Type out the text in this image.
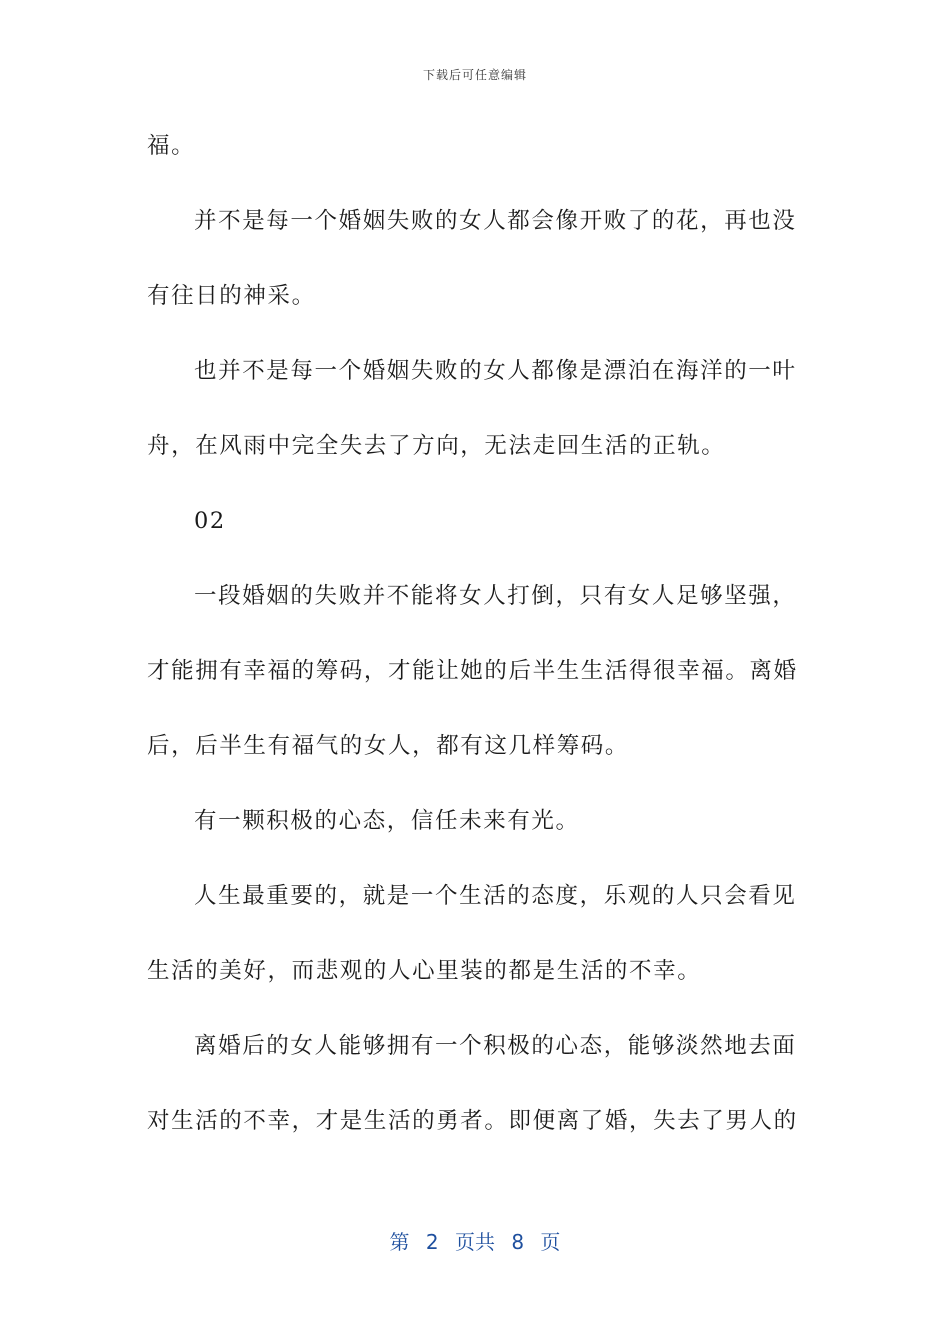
下载后可任意编辑
福。
并不是每一个婚姻失败的女人都会像开败了的花，再也没
有往日的神采。
也并不是每一个婚姻失败的女人都像是漂泊在海洋的一叶
舟，在风雨中完全失去了方向，无法走回生活的正轨。
02
一段婚姻的失败并不能将女人打倒，只有女人足够坚强，
才能拥有幸福的筹码，才能让她的后半生生活得很幸福。离婚
后，后半生有福气的女人，都有这几样筹码。
有一颗积极的心态，信任未来有光。
人生最重要的，就是一个生活的态度，乐观的人只会看见
生活的美好，而悲观的人心里装的都是生活的不幸。
离婚后的女人能够拥有一个积极的心态，能够淡然地去面
对生活的不幸，才是生活的勇者。即便离了婚，失去了男人的
第 2 页共 8 页
